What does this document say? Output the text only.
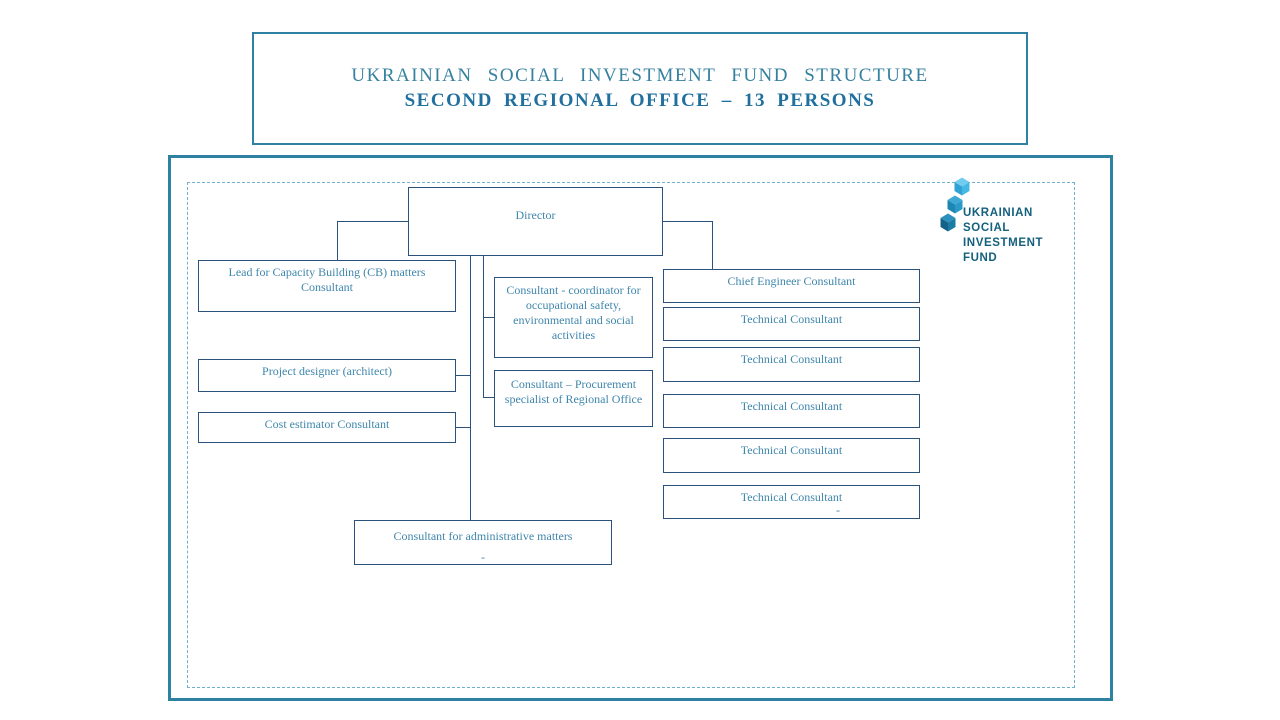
UKRAINIAN SOCIAL INVESTMENT FUND STRUCTURE
SECOND REGIONAL OFFICE – 13 PERSONS
Director
Lead for Capacity Building (CB) matters Consultant
Project designer (architect)
Cost estimator Consultant
Consultant - coordinator for occupational safety, environmental and social activities
Consultant – Procurement specialist of Regional Office
Chief Engineer Consultant
Technical Consultant
Technical Consultant
Technical Consultant
Technical Consultant
Technical Consultant
-
Consultant for administrative matters
-
UKRAINIAN
SOCIAL
INVESTMENT
FUND
